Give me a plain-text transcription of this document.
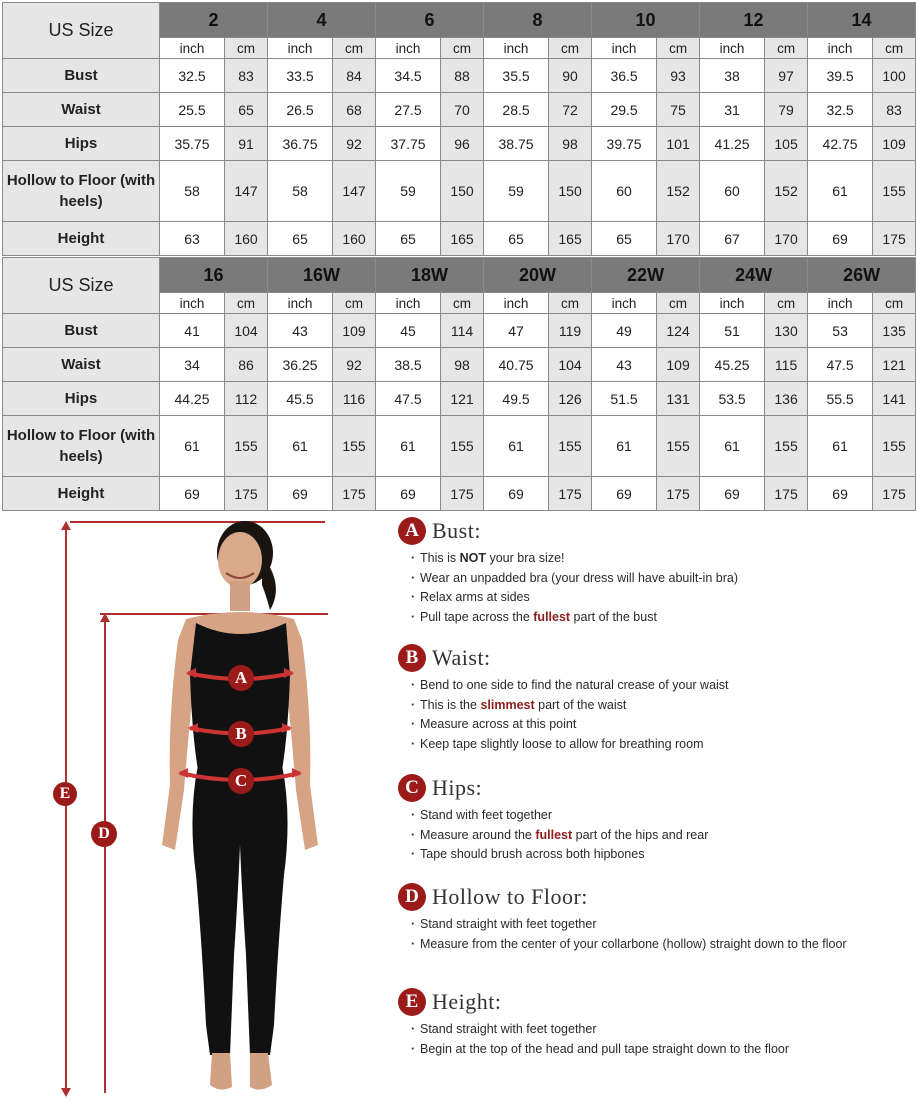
US Size	2		4		6		8		10		12		14	
	inch	cm	inch	cm	inch	cm	inch	cm	inch	cm	inch	cm	inch	cm
Bust	32.5	83	33.5	84	34.5	88	35.5	90	36.5	93	38	97	39.5	100
Waist	25.5	65	26.5	68	27.5	70	28.5	72	29.5	75	31	79	32.5	83
Hips	35.75	91	36.75	92	37.75	96	38.75	98	39.75	101	41.25	105	42.75	109
Hollow to Floor (with heels)	58	147	58	147	59	150	59	150	60	152	60	152	61	155
Height	63	160	65	160	65	165	65	165	65	170	67	170	69	175
US Size	16		16W		18W		20W		22W		24W		26W	
	inch	cm	inch	cm	inch	cm	inch	cm	inch	cm	inch	cm	inch	cm
Bust	41	104	43	109	45	114	47	119	49	124	51	130	53	135
Waist	34	86	36.25	92	38.5	98	40.75	104	43	109	45.25	115	47.5	121
Hips	44.25	112	45.5	116	47.5	121	49.5	126	51.5	131	53.5	136	55.5	141
Hollow to Floor (with heels)	61	155	61	155	61	155	61	155	61	155	61	155	61	155
Height	69	175	69	175	69	175	69	175	69	175	69	175	69	175
E
D
A
B
C
A Bust:
· This is NOT your bra size!
· Wear an unpadded bra (your dress will have abuilt-in bra)
· Relax arms at sides
· Pull tape across the fullest part of the bust
B Waist:
· Bend to one side to find the natural crease of your waist
· This is the slimmest part of the waist
· Measure across at this point
· Keep tape slightly loose to allow for breathing room
C Hips:
· Stand with feet together
· Measure around the fullest part of the hips and rear
· Tape should brush across both hipbones
D Hollow to Floor:
· Stand straight with feet together
· Measure from the center of your collarbone (hollow) straight down to the floor
E Height:
· Stand straight with feet together
· Begin at the top of the head and pull tape straight down to the floor
